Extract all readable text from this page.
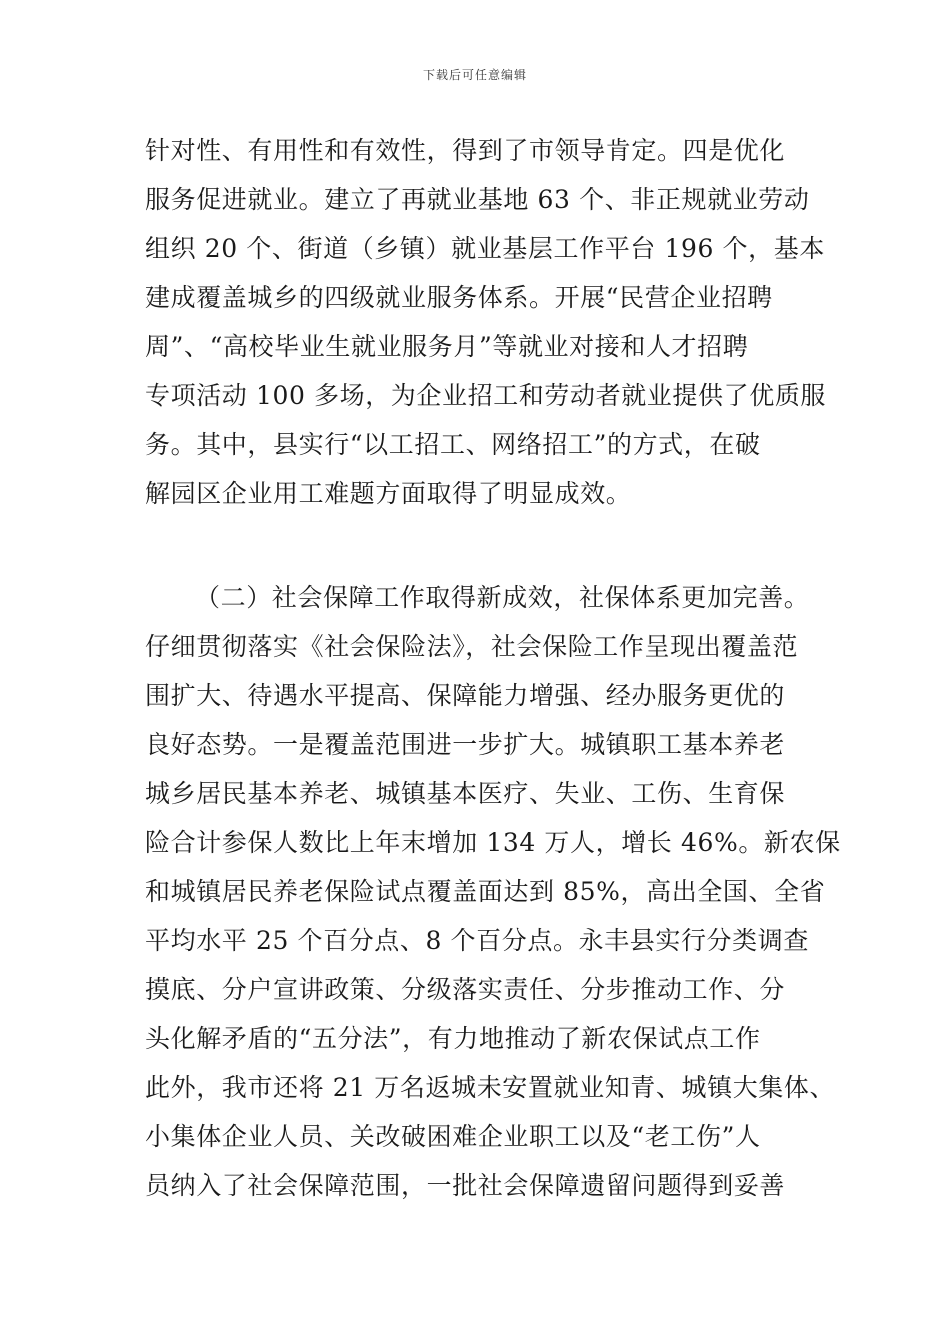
下载后可任意编辑
针对性、有用性和有效性，得到了市领导肯定。四是优化
服务促进就业。建立了再就业基地 63 个、非正规就业劳动
组织 20 个、街道（乡镇）就业基层工作平台 196 个，基本
建成覆盖城乡的四级就业服务体系。开展“民营企业招聘
周”、“高校毕业生就业服务月”等就业对接和人才招聘
专项活动 100 多场，为企业招工和劳动者就业提供了优质服
务。其中，县实行“以工招工、网络招工”的方式，在破
解园区企业用工难题方面取得了明显成效。
（二）社会保障工作取得新成效，社保体系更加完善。
仔细贯彻落实《社会保险法》，社会保险工作呈现出覆盖范
围扩大、待遇水平提高、保障能力增强、经办服务更优的
良好态势。一是覆盖范围进一步扩大。城镇职工基本养老
城乡居民基本养老、城镇基本医疗、失业、工伤、生育保
险合计参保人数比上年末增加 134 万人，增长 46%。新农保
和城镇居民养老保险试点覆盖面达到 85%，高出全国、全省
平均水平 25 个百分点、8 个百分点。永丰县实行分类调查
摸底、分户宣讲政策、分级落实责任、分步推动工作、分
头化解矛盾的“五分法”，有力地推动了新农保试点工作
此外，我市还将 21 万名返城未安置就业知青、城镇大集体、
小集体企业人员、关改破困难企业职工以及“老工伤”人
员纳入了社会保障范围，一批社会保障遗留问题得到妥善
